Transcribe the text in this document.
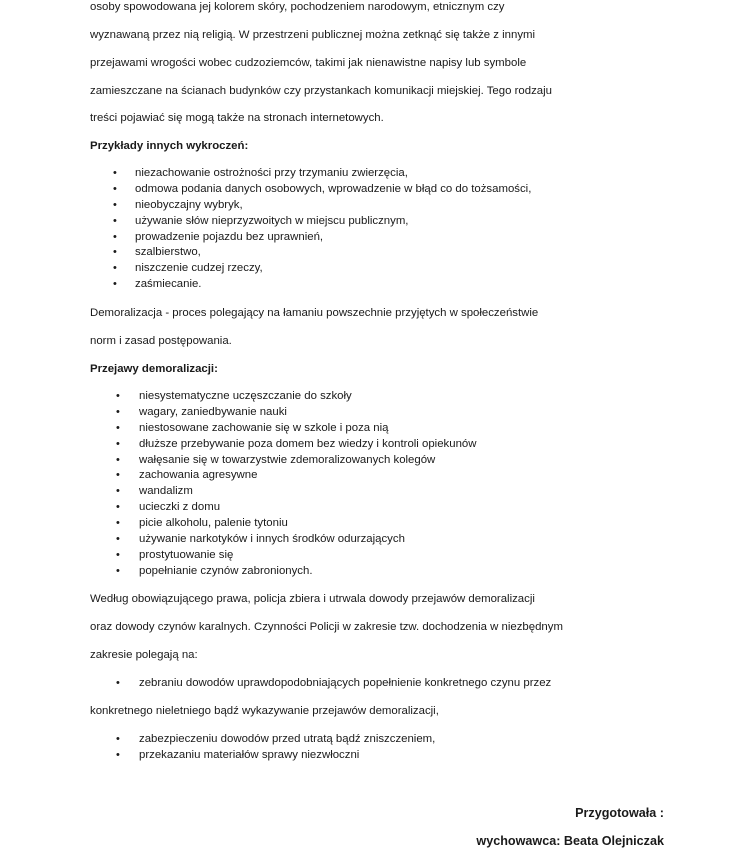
osoby spowodowana jej kolorem skóry, pochodzeniem narodowym, etnicznym czy
wyznawaną przez nią religią. W przestrzeni publicznej można zetknąć się także z innymi
przejawami wrogości wobec cudzoziemców, takimi jak nienawistne napisy lub symbole
zamieszczane na ścianach budynków czy przystankach komunikacji miejskiej. Tego rodzaju
treści pojawiać się mogą także na stronach internetowych.
Przykłady innych wykroczeń:
• niezachowanie ostrożności przy trzymaniu zwierzęcia,
• odmowa podania danych osobowych, wprowadzenie w błąd co do tożsamości,
• nieobyczajny wybryk,
• używanie słów nieprzyzwoitych w miejscu publicznym,
• prowadzenie pojazdu bez uprawnień,
• szalbierstwo,
• niszczenie cudzej rzeczy,
• zaśmiecanie.
Demoralizacja - proces polegający na łamaniu powszechnie przyjętych w społeczeństwie
norm i zasad postępowania.
Przejawy demoralizacji:
• niesystematyczne uczęszczanie do szkoły
• wagary, zaniedbywanie nauki
• niestosowane zachowanie się w szkole i poza nią
• dłuższe przebywanie poza domem bez wiedzy i kontroli opiekunów
• wałęsanie się w towarzystwie zdemoralizowanych kolegów
• zachowania agresywne
• wandalizm
• ucieczki z domu
• picie alkoholu, palenie tytoniu
• używanie narkotyków i innych środków odurzających
• prostytuowanie się
• popełnianie czynów zabronionych.
Według obowiązującego prawa, policja zbiera i utrwala dowody przejawów demoralizacji
oraz dowody czynów karalnych. Czynności Policji w zakresie tzw. dochodzenia w niezbędnym
zakresie polegają na:
• zebraniu dowodów uprawdopodobniających popełnienie konkretnego czynu przez
konkretnego nieletniego bądź wykazywanie przejawów demoralizacji,
• zabezpieczeniu dowodów przed utratą bądź zniszczeniem,
• przekazaniu materiałów sprawy niezwłoczni
Przygotowała :
wychowawca: Beata Olejniczak
